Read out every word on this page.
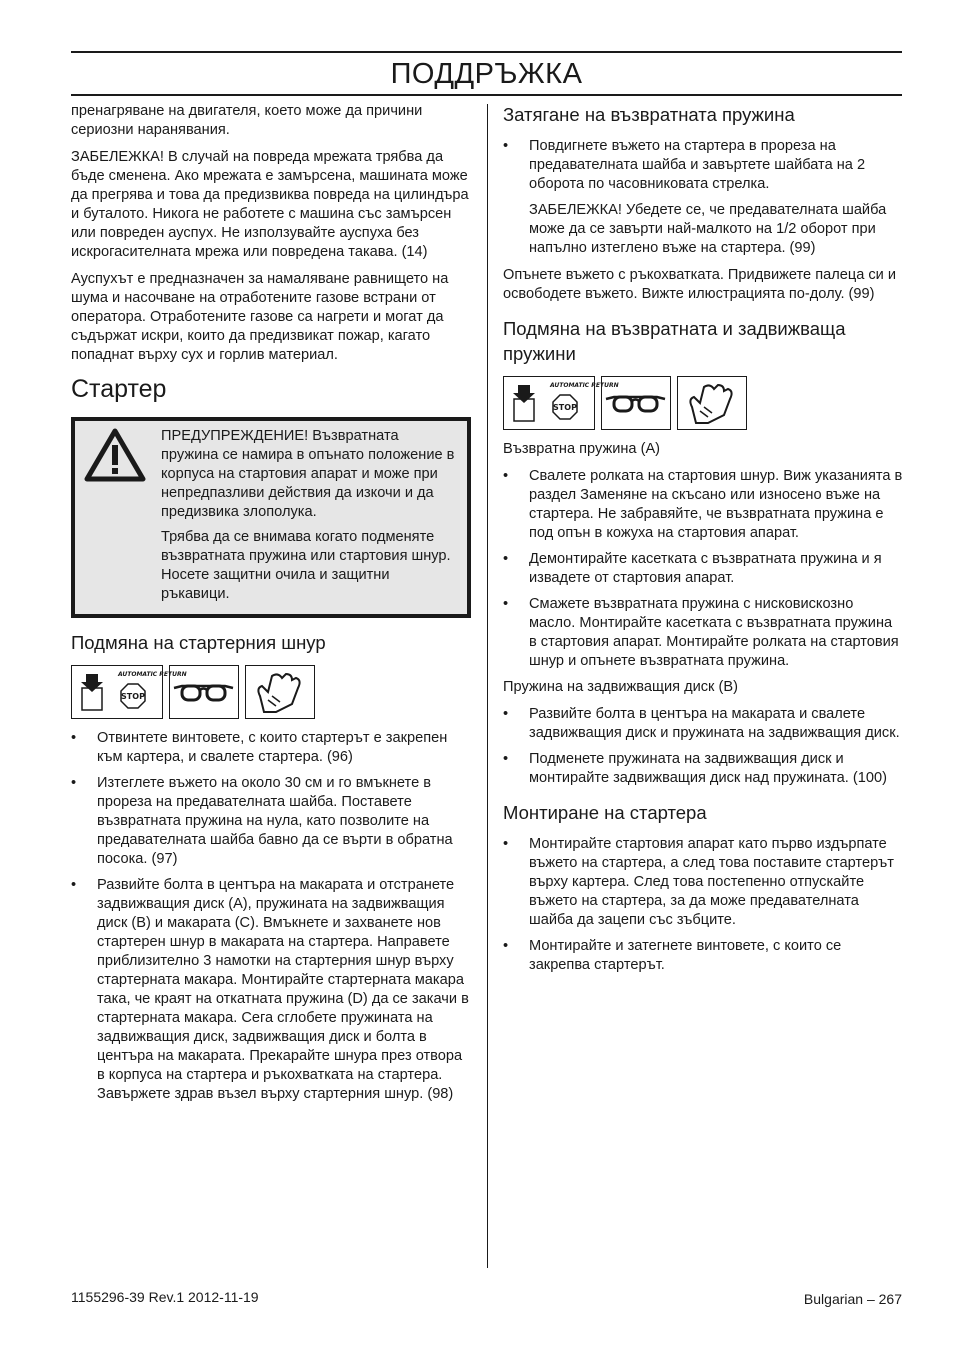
ПОДДРЪЖКА

пренагряване на двигателя, което може да причини сериозни наранявания.

ЗАБЕЛЕЖКА! В случай на повреда мрежата трябва да бъде сменена. Ако мрежата е замърсена, машината може да прегрява и това да предизвиква повреда на цилиндъра и буталото. Никога не работете с машина със замърсен или повреден ауспух. Не използувайте ауспуха без искрогасителната мрежа или повредена такава. (14)

Ауспухът е предназначен за намаляване равнището на шума и насочване на отработените газове встрани от оператора. Отработените газове са нагрети и могат да съдържат искри, които да предизвикат пожар, кагато попаднат върху сух и горлив материал.

Стартер

ПРЕДУПРЕЖДЕНИЕ! Възвратната пружина се намира в опънато положение в корпуса на стартовия апарат и може при непредпазливи действия да изкочи и да предизвика злополука.

Трябва да се внимава когато подменяте възвратната пружина или стартовия шнур. Носете защитни очила и защитни ръкавици.

Подмяна на стартерния шнур
AUTOMATIC RETURN
STOP
• Отвинтете винтовете, с които стартерът е закрепен към картера, и свалете стартера. (96)
• Изтеглете въжето на около 30 см и го вмъкнете в прореза на предавателната шайба. Поставете възвратната пружина на нула, като позволите на предавателната шайба бавно да се върти в обратна посока. (97)
• Развийте болта в центъра на макарата и отстранете задвижващия диск (A), пружината на задвижващия диск (B) и макарата (C). Вмъкнете и захванете нов стартерен шнур в макарата на стартера. Направете приблизително 3 намотки на стартерния шнур върху стартерната макара. Монтирайте стартерната макара така, че краят на откатната пружина (D) да се закачи в стартерната макара. Сега сглобете пружината на задвижващия диск, задвижващия диск и болта в центъра на макарата. Прекарайте шнура през отвора в корпуса на стартера и ръкохватката на стартера. Завържете здрав възел върху стартерния шнур. (98)
Затягане на възвратната пружина
• Повдигнете въжето на стартера в прореза на предавателната шайба и завъртете шайбата на 2 оборота по часовниковата стрелка.

ЗАБЕЛЕЖКА! Убедете се, че предавателната шайба може да се завърти най-малкото на 1/2 оборот при напълно изтеглено въже на стартера. (99)

Опънете въжето с ръкохватката. Придвижете палеца си и освободете въжето. Вижте илюстрацията по-долу. (99)

Подмяна на възвратната и задвижваща пружини
AUTOMATIC RETURN
STOP

Възвратна пружина (A)

• Свалете ролката на стартовия шнур. Виж указанията в раздел Заменяне на скъсано или износено въже на стартера. Не забравяйте, че възвратната пружина е под опън в кожуха на стартовия апарат.
• Демонтирайте касетката с възвратната пружина и я извадете от стартовия апарат.
• Смажете възвратната пружина с нисковискозно масло. Монтирайте касетката с възвратната пружина в стартовия апарат. Монтирайте ролката на стартовия шнур и опънете възвратната пружина.

Пружина на задвижващия диск (B)

• Развийте болта в центъра на макарата и свалете задвижващия диск и пружината на задвижващия диск.
• Подменете пружината на задвижващия диск и монтирайте задвижващия диск над пружината. (100)
Монтиране на стартера
• Монтирайте стартовия апарат като първо издърпате въжето на стартера, а след това поставите стартерът върху картера. След това постепенно отпускайте въжето на стартера, за да може предавателната шайба да зацепи със зъбците.
• Монтирайте и затегнете винтовете, с които се закрепва стартерът.
1155296-39 Rev.1 2012-11-19	Bulgarian – 267
